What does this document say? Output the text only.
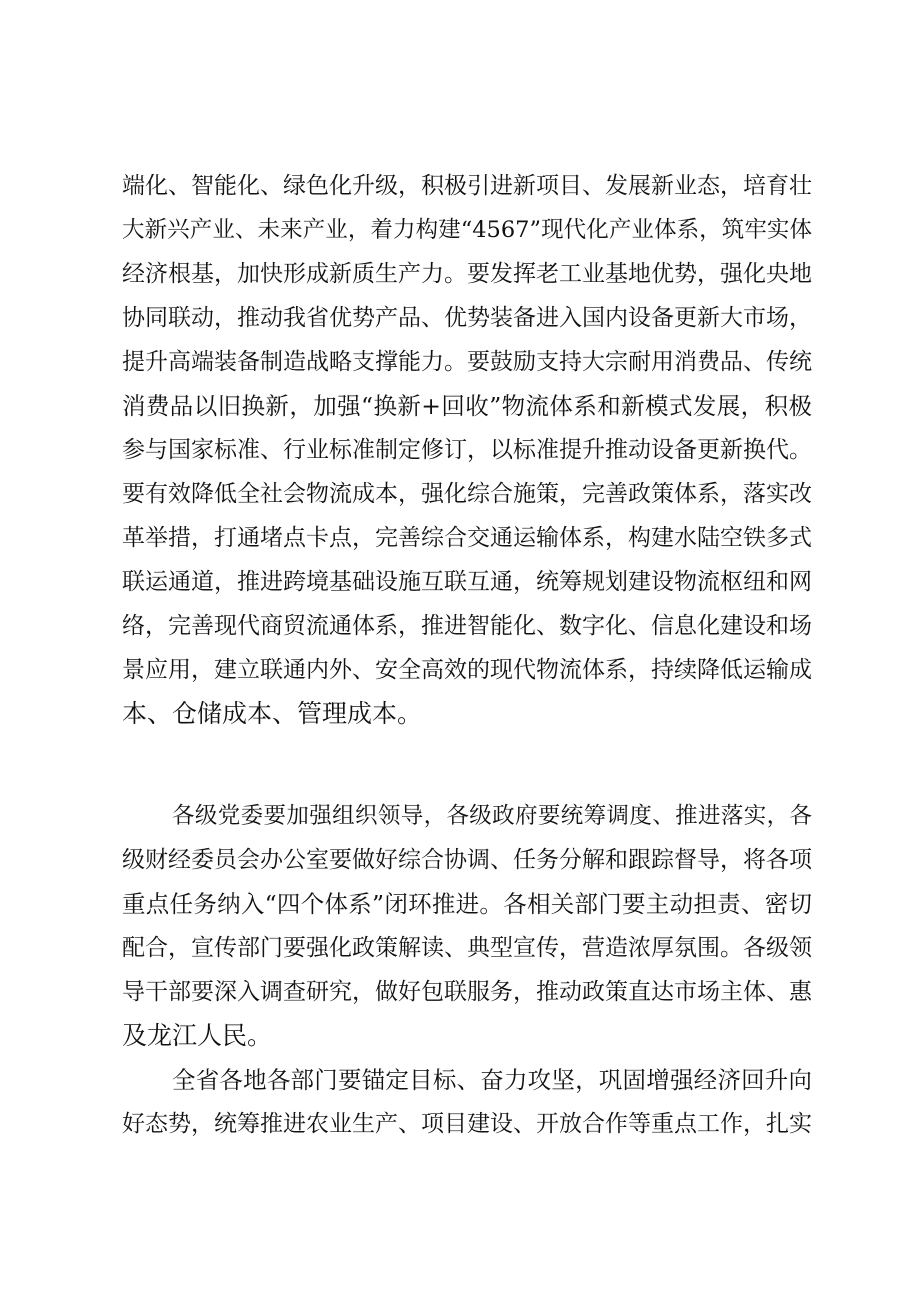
端化、智能化、绿色化升级，积极引进新项目、发展新业态，培育壮
大新兴产业、未来产业，着力构建“4567”现代化产业体系，筑牢实体
经济根基，加快形成新质生产力。要发挥老工业基地优势，强化央地
协同联动，推动我省优势产品、优势装备进入国内设备更新大市场，
提升高端装备制造战略支撑能力。要鼓励支持大宗耐用消费品、传统
消费品以旧换新，加强“换新+回收”物流体系和新模式发展，积极
参与国家标准、行业标准制定修订，以标准提升推动设备更新换代。
要有效降低全社会物流成本，强化综合施策，完善政策体系，落实改
革举措，打通堵点卡点，完善综合交通运输体系，构建水陆空铁多式
联运通道，推进跨境基础设施互联互通，统筹规划建设物流枢纽和网
络，完善现代商贸流通体系，推进智能化、数字化、信息化建设和场
景应用，建立联通内外、安全高效的现代物流体系，持续降低运输成
本、仓储成本、管理成本。
各级党委要加强组织领导，各级政府要统筹调度、推进落实，各
级财经委员会办公室要做好综合协调、任务分解和跟踪督导，将各项
重点任务纳入“四个体系”闭环推进。各相关部门要主动担责、密切
配合，宣传部门要强化政策解读、典型宣传，营造浓厚氛围。各级领
导干部要深入调查研究，做好包联服务，推动政策直达市场主体、惠
及龙江人民。
全省各地各部门要锚定目标、奋力攻坚，巩固增强经济回升向
好态势，统筹推进农业生产、项目建设、开放合作等重点工作，扎实
